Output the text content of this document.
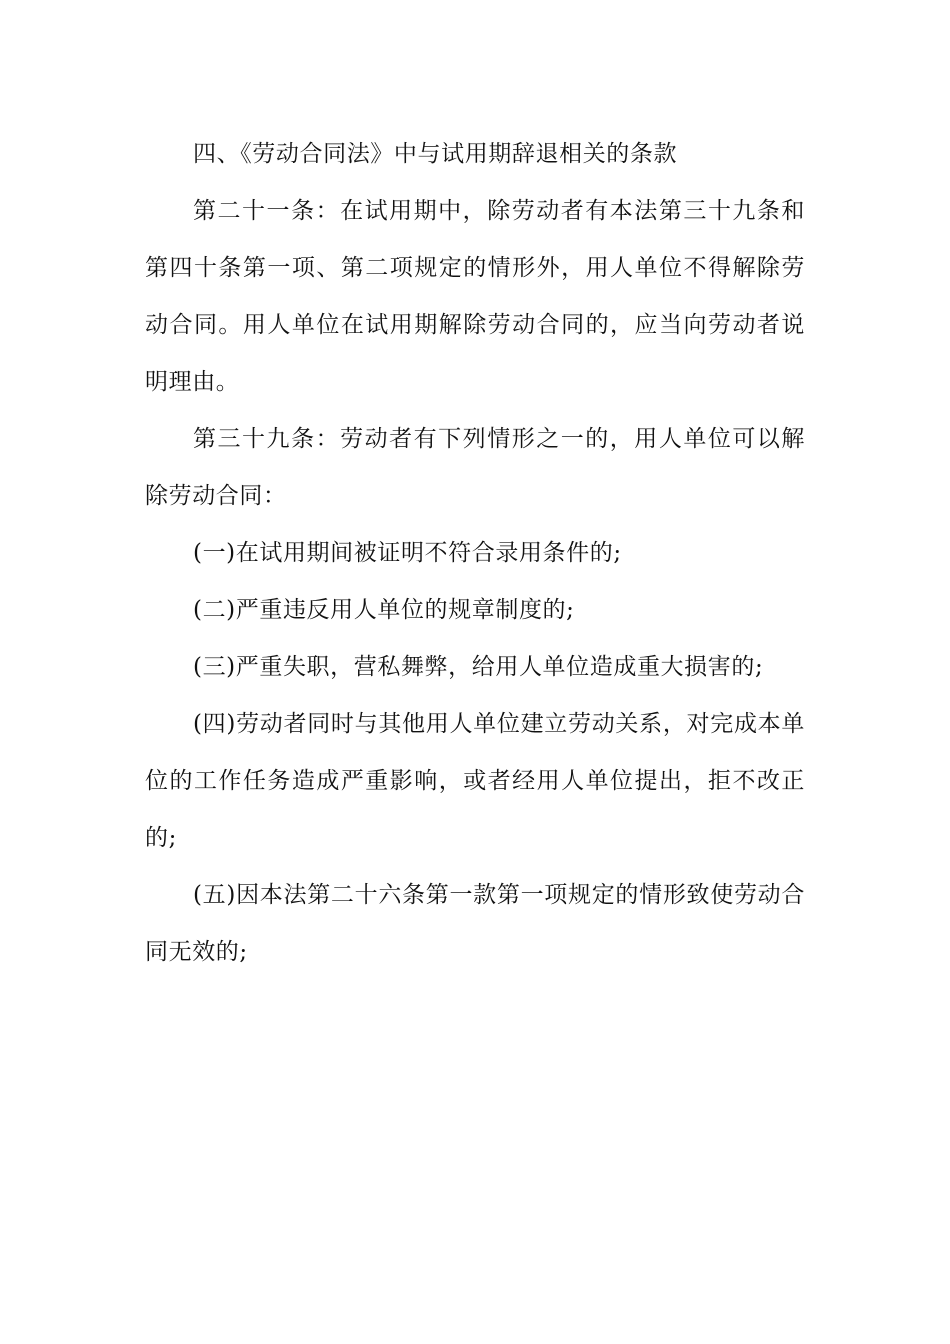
四、《劳动合同法》中与试用期辞退相关的条款

第二十一条：在试用期中，除劳动者有本法第三十九条和第四十条第一项、第二项规定的情形外，用人单位不得解除劳动合同。用人单位在试用期解除劳动合同的，应当向劳动者说明理由。

第三十九条：劳动者有下列情形之一的，用人单位可以解除劳动合同：

(一)在试用期间被证明不符合录用条件的;

(二)严重违反用人单位的规章制度的;

(三)严重失职，营私舞弊，给用人单位造成重大损害的;

(四)劳动者同时与其他用人单位建立劳动关系，对完成本单位的工作任务造成严重影响，或者经用人单位提出，拒不改正的;

(五)因本法第二十六条第一款第一项规定的情形致使劳动合同无效的;
